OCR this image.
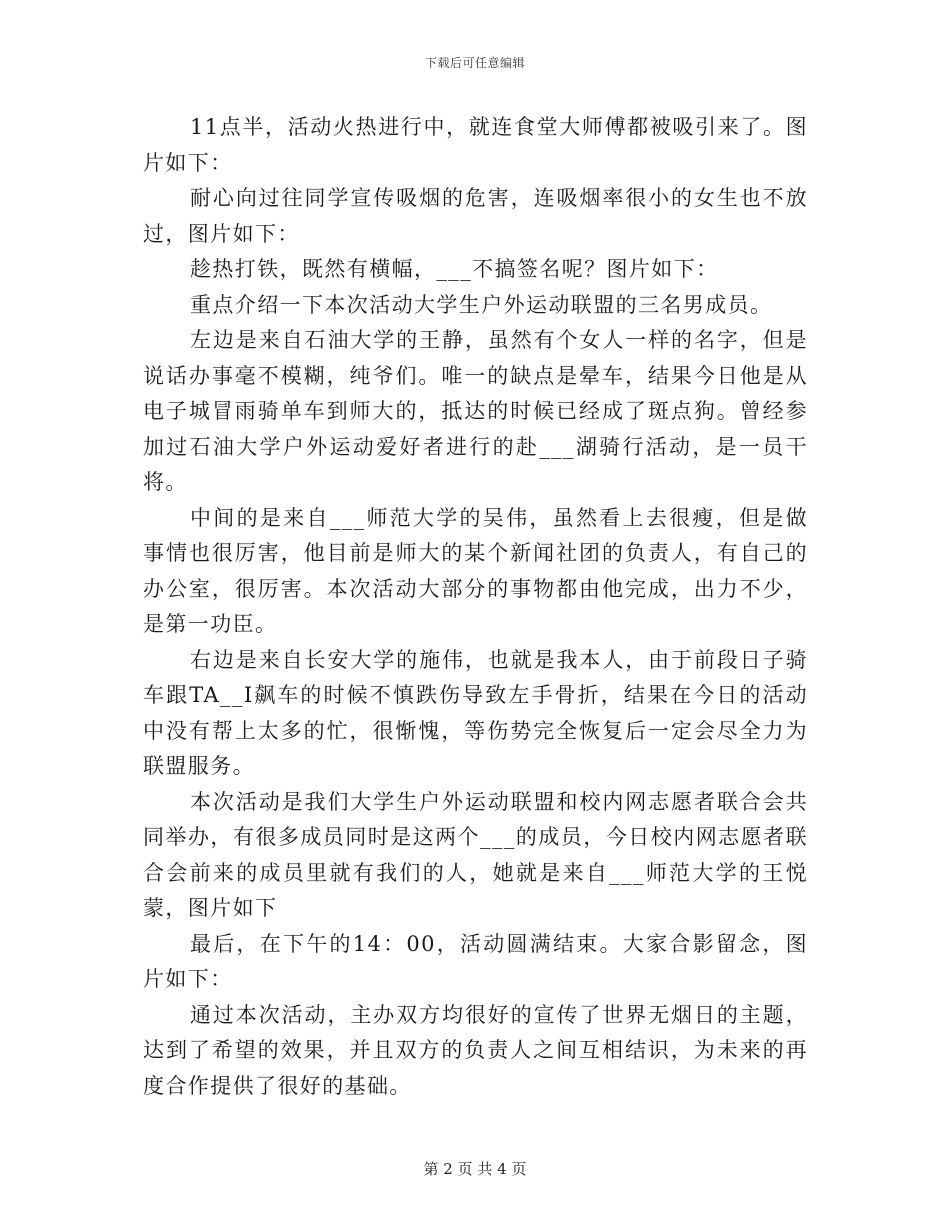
下载后可任意编辑

11点半，活动火热进行中，就连食堂大师傅都被吸引来了。图片如下：

耐心向过往同学宣传吸烟的危害，连吸烟率很小的女生也不放过，图片如下：

趁热打铁，既然有横幅，___不搞签名呢？图片如下：

重点介绍一下本次活动大学生户外运动联盟的三名男成员。

左边是来自石油大学的王静，虽然有个女人一样的名字，但是说话办事毫不模糊，纯爷们。唯一的缺点是晕车，结果今日他是从电子城冒雨骑单车到师大的，抵达的时候已经成了斑点狗。曾经参加过石油大学户外运动爱好者进行的赴___湖骑行活动，是一员干将。

中间的是来自___师范大学的吴伟，虽然看上去很瘦，但是做事情也很厉害，他目前是师大的某个新闻社团的负责人，有自己的办公室，很厉害。本次活动大部分的事物都由他完成，出力不少，是第一功臣。

右边是来自长安大学的施伟，也就是我本人，由于前段日子骑车跟TA__I飙车的时候不慎跌伤导致左手骨折，结果在今日的活动中没有帮上太多的忙，很惭愧，等伤势完全恢复后一定会尽全力为联盟服务。

本次活动是我们大学生户外运动联盟和校内网志愿者联合会共同举办，有很多成员同时是这两个___的成员，今日校内网志愿者联合会前来的成员里就有我们的人，她就是来自___师范大学的王悦蒙，图片如下

最后，在下午的14：00，活动圆满结束。大家合影留念，图片如下：

通过本次活动，主办双方均很好的宣传了世界无烟日的主题，达到了希望的效果，并且双方的负责人之间互相结识，为未来的再度合作提供了很好的基础。

第 2 页 共 4 页
